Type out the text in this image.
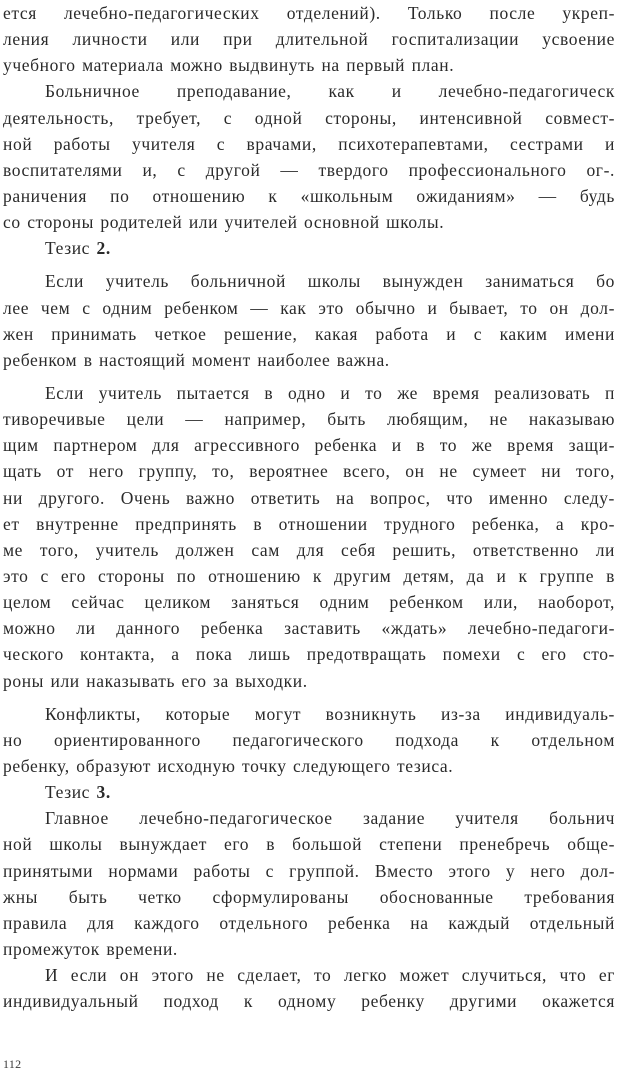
ется лечебно-педагогических отделений). Только после укреп-
ления личности или при длительной госпитализации усвоение
учебного материала можно выдвинуть на первый план.
Больничное преподавание, как и лечебно-педагогическ
деятельность, требует, с одной стороны, интенсивной совмест-
ной работы учителя с врачами, психотерапевтами, сестрами и
воспитателями и, с другой — твердого профессионального ог-.
раничения по отношению к «школьным ожиданиям» — будь
со стороны родителей или учителей основной школы.
Тезис 2.
Если учитель больничной школы вынужден заниматься бо
лее чем с одним ребенком — как это обычно и бывает, то он дол-
жен принимать четкое решение, какая работа и с каким имени
ребенком в настоящий момент наиболее важна.
Если учитель пытается в одно и то же время реализовать п
тиворечивые цели — например, быть любящим, не наказываю
щим партнером для агрессивного ребенка и в то же время защи-
щать от него группу, то, вероятнее всего, он не сумеет ни того,
ни другого. Очень важно ответить на вопрос, что именно следу-
ет внутренне предпринять в отношении трудного ребенка, а кро-
ме того, учитель должен сам для себя решить, ответственно ли
это с его стороны по отношению к другим детям, да и к группе в
целом сейчас целиком заняться одним ребенком или, наоборот,
можно ли данного ребенка заставить «ждать» лечебно-педагоги-
ческого контакта, а пока лишь предотвращать помехи с его сто-
роны или наказывать его за выходки.
Конфликты, которые могут возникнуть из-за индивидуаль-
но ориентированного педагогического подхода к отдельном
ребенку, образуют исходную точку следующего тезиса.
Тезис 3.
Главное лечебно-педагогическое задание учителя больнич
ной школы вынуждает его в большой степени пренебречь обще-
принятыми нормами работы с группой. Вместо этого у него дол-
жны быть четко сформулированы обоснованные требования
правила для каждого отдельного ребенка на каждый отдельный
промежуток времени.
И если он этого не сделает, то легко может случиться, что ег
индивидуальный подход к одному ребенку другими окажется
112
